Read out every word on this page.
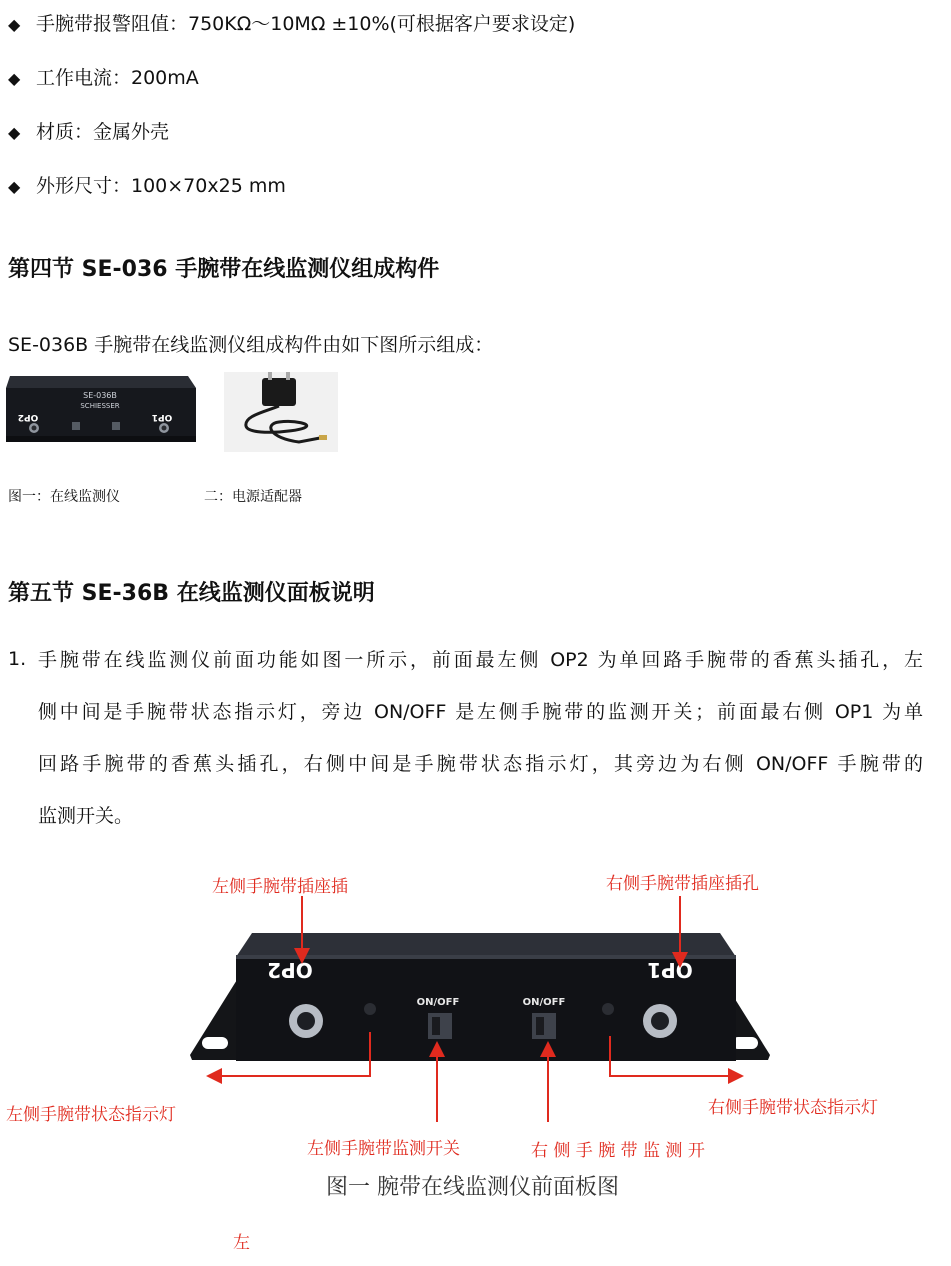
◆ 手腕带报警阻值：750KΩ～10MΩ ±10%(可根据客户要求设定)
◆ 工作电流：200mA
◆ 材质：金属外壳
◆ 外形尺寸：100×70x25 mm
第四节 SE-036 手腕带在线监测仪组成构件
SE-036B 手腕带在线监测仪组成构件由如下图所示组成：
SE-036B
SCHIESSER
OP2	OP1
图一：在线监测仪	二：电源适配器
第五节 SE-36B 在线监测仪面板说明
1. 手腕带在线监测仪前面功能如图一所示，前面最左侧 OP2 为单回路手腕带的香蕉头插孔，左
侧中间是手腕带状态指示灯，旁边 ON/OFF 是左侧手腕带的监测开关；前面最右侧 OP1 为单
回路手腕带的香蕉头插孔，右侧中间是手腕带状态指示灯，其旁边为右侧 ON/OFF 手腕带的
监测开关。
OP2	OP1
ON/OFF	ON/OFF
左侧手腕带插座插	右侧手腕带插座插孔
左侧手腕带状态指示灯	右侧手腕带状态指示灯
左侧手腕带监测开关	右 侧 手 腕 带 监 测 开
图一 腕带在线监测仪前面板图
左
